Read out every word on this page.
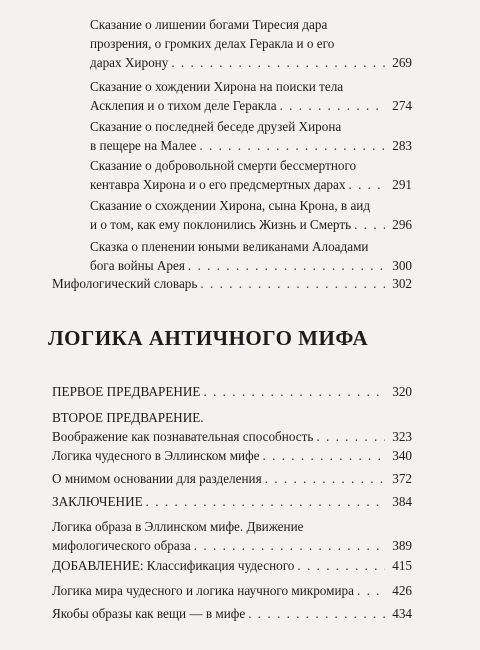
Сказание о лишении богами Тиресия дара
прозрения, о громких делах Геракла и о его
дарах Хирону . . .	269
Сказание о хождении Хирона на поиски тела
Асклепия и о тихом деле Геракла . . .	274
Сказание о последней беседе друзей Хирона
в пещере на Малее . . .	283
Сказание о добровольной смерти бессмертного
кентавра Хирона и о его предсмертных дарах . . .	291
Сказание о схождении Хирона, сына Крона, в аид
и о том, как ему поклонились Жизнь и Смерть . . .	296
Сказка о пленении юными великанами Алоадами
бога войны Арея . . .	300
Мифологический словарь . . .	302
ЛОГИКА АНТИЧНОГО МИФА
ПЕРВОЕ ПРЕДВАРЕНИЕ . . .	320
ВТОРОЕ ПРЕДВАРЕНИЕ.
Воображение как познавательная способность . . .	323
Логика чудесного в Эллинском мифе . . .	340
О мнимом основании для разделения . . .	372
ЗАКЛЮЧЕНИЕ . . .	384
Логика образа в Эллинском мифе. Движение
мифологического образа . . .	389
ДОБАВЛЕНИЕ: Классификация чудесного . . .	415
Логика мира чудесного и логика научного микромира . . .	426
Якобы образы как вещи — в мифе . . .	434
